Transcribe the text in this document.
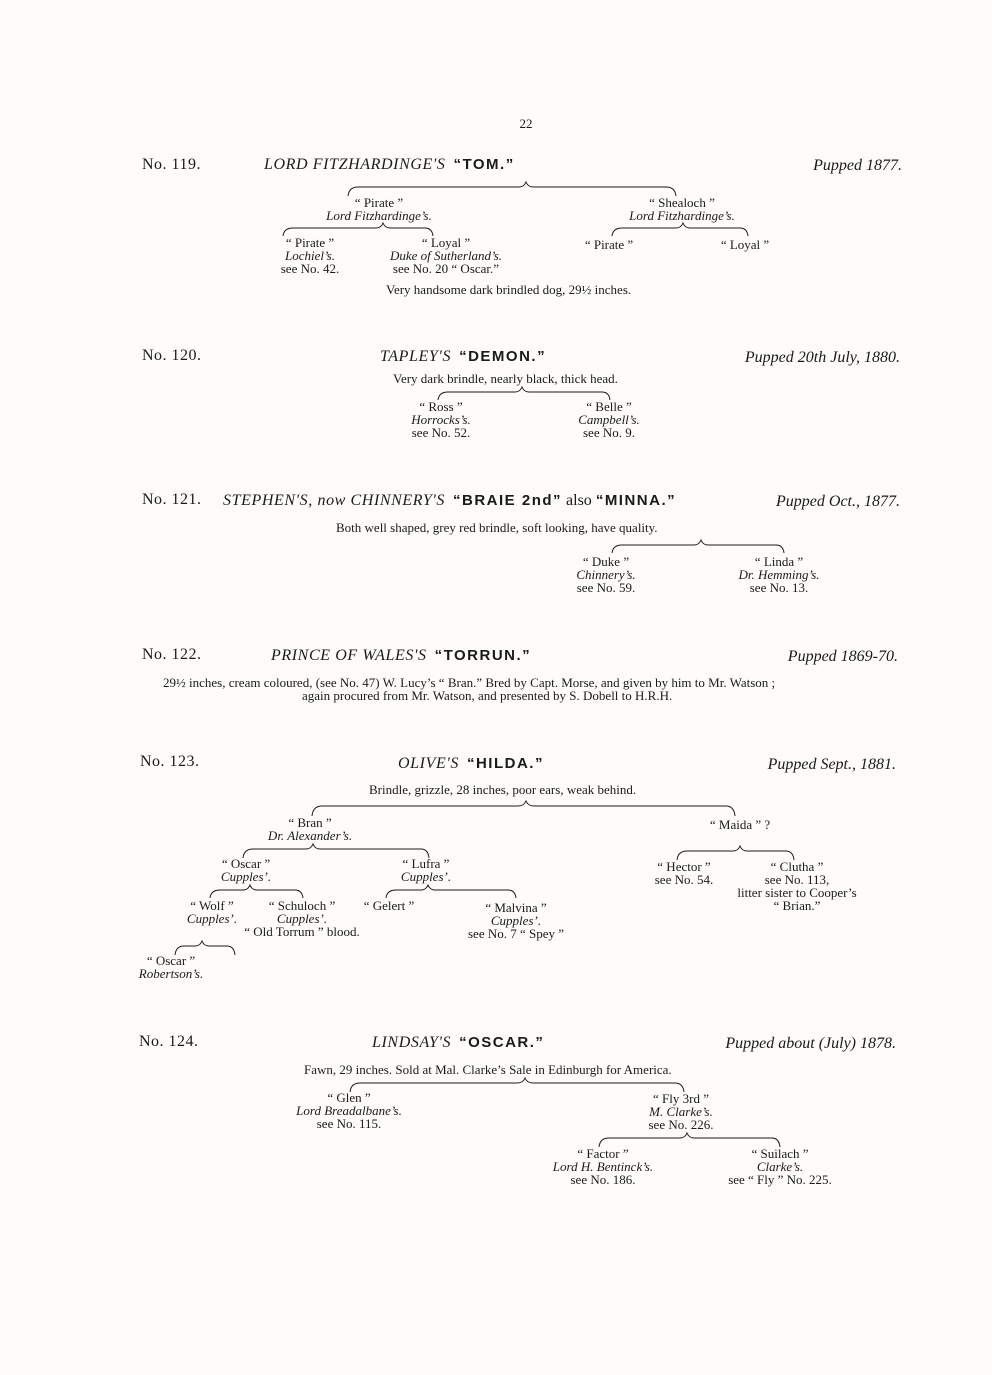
22
No. 119.	LORD FITZHARDINGE'S “TOM.”	Pupped 1877.
“ Pirate ”
Lord Fitzhardinge’s.
“ Shealoch ”
Lord Fitzhardinge’s.
“ Pirate ”
Lochiel’s.
see No. 42.
“ Loyal ”
Duke of Sutherland’s.
see No. 20 “ Oscar.”
“ Pirate ”	“ Loyal ”
Very handsome dark brindled dog, 29½ inches.
No. 120.	TAPLEY'S “DEMON.”	Pupped 20th July, 1880.
Very dark brindle, nearly black, thick head.
“ Ross ”
Horrocks’s.
see No. 52.
“ Belle ”
Campbell’s.
see No. 9.
No. 121. STEPHEN'S, now CHINNERY'S “BRAIE 2nd” also “MINNA.”	Pupped Oct., 1877.
Both well shaped, grey red brindle, soft looking, have quality.
“ Duke ”
Chinnery’s.
see No. 59.
“ Linda ”
Dr. Hemming’s.
see No. 13.
No. 122.	PRINCE OF WALES'S “TORRUN.”	Pupped 1869-70.
29½ inches, cream coloured, (see No. 47) W. Lucy’s “ Bran.” Bred by Capt. Morse, and given by him to Mr. Watson ;
again procured from Mr. Watson, and presented by S. Dobell to H.R.H.
No. 123.	OLIVE'S “HILDA.”	Pupped Sept., 1881.
Brindle, grizzle, 28 inches, poor ears, weak behind.
“ Bran ”
Dr. Alexander’s.
“ Maida ” ?
“ Oscar ”
Cupples’.
“ Lufra ”
Cupples’.
“ Hector ”
see No. 54.
“ Clutha ”
see No. 113,
litter sister to Cooper’s
“ Brian.”
“ Wolf ”
Cupples’.
“ Schuloch ”
Cupples’.
“ Old Torrum ” blood.
“ Gelert ”	“ Malvina ”
Cupples’.
see No. 7 “ Spey ”
“ Oscar ”
Robertson’s.
No. 124.	LINDSAY'S “OSCAR.”	Pupped about (July) 1878.
Fawn, 29 inches. Sold at Mal. Clarke’s Sale in Edinburgh for America.
“ Glen ”
Lord Breadalbane’s.
see No. 115.
“ Fly 3rd ”
M. Clarke’s.
see No. 226.
“ Factor ”
Lord H. Bentinck’s.
see No. 186.
“ Suilach ”
Clarke’s.
see “ Fly ” No. 225.
